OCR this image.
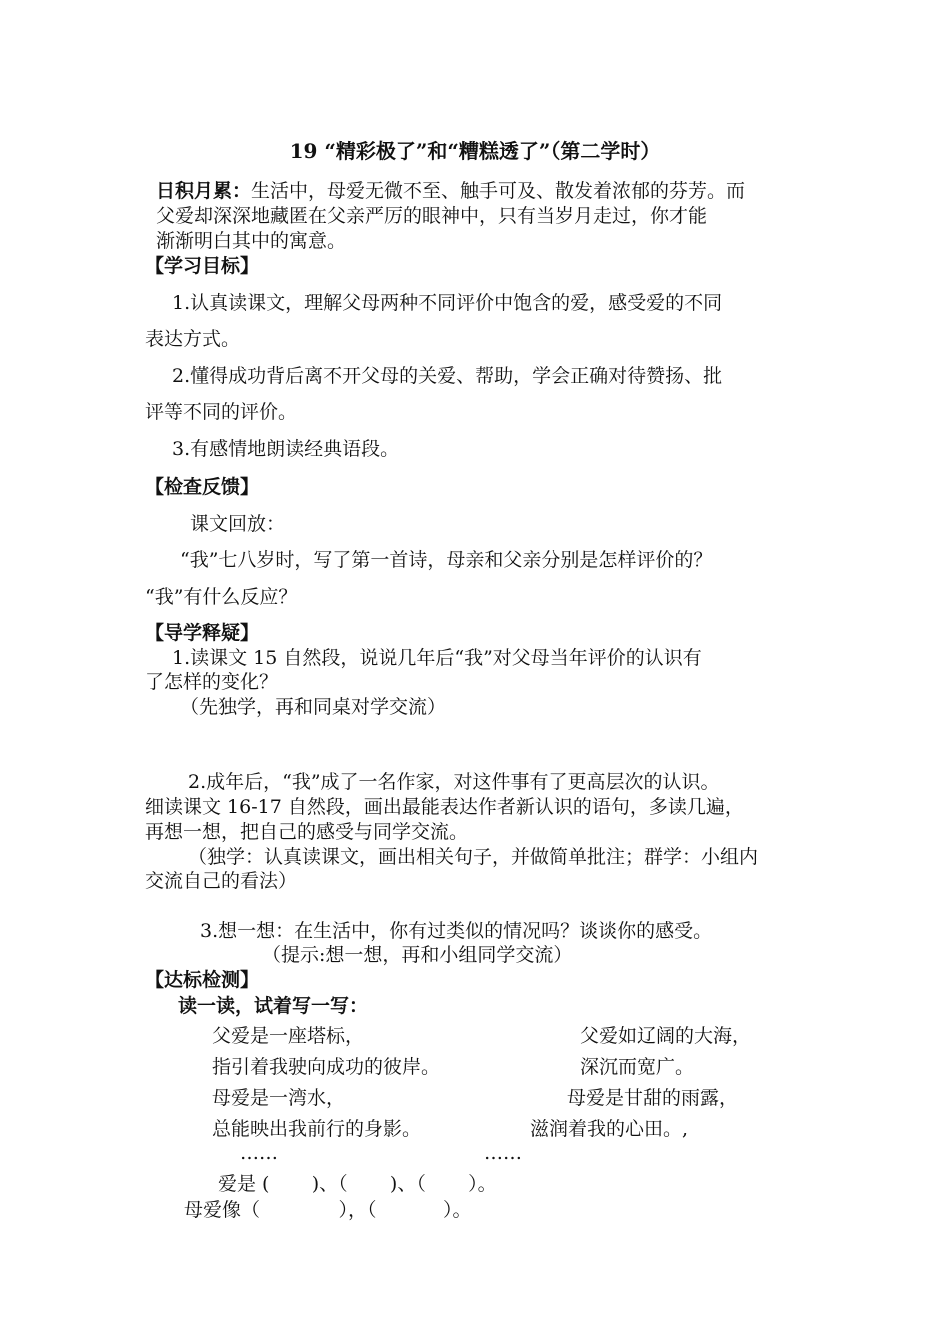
19 “精彩极了”和“糟糕透了”（第二学时）
日积月累：生活中，母爱无微不至、触手可及、散发着浓郁的芬芳。而
父爱却深深地藏匿在父亲严厉的眼神中，只有当岁月走过，你才能
渐渐明白其中的寓意。
【学习目标】
1.认真读课文，理解父母两种不同评价中饱含的爱，感受爱的不同
表达方式。
2.懂得成功背后离不开父母的关爱、帮助，学会正确对待赞扬、批
评等不同的评价。
3.有感情地朗读经典语段。
【检查反馈】
课文回放：
“我”七八岁时，写了第一首诗，母亲和父亲分别是怎样评价的？
“我”有什么反应？
【导学释疑】
1.读课文 15 自然段，说说几年后“我”对父母当年评价的认识有
了怎样的变化？
（先独学，再和同桌对学交流）
2.成年后，“我”成了一名作家，对这件事有了更高层次的认识。
细读课文 16-17 自然段，画出最能表达作者新认识的语句，多读几遍，
再想一想，把自己的感受与同学交流。
（独学：认真读课文，画出相关句子，并做简单批注；群学：小组内
交流自己的看法）
3.想一想：在生活中，你有过类似的情况吗？谈谈你的感受。
（提示:想一想，再和小组同学交流）
【达标检测】
读一读，试着写一写：
父爱是一座塔标，
指引着我驶向成功的彼岸。
母爱是一湾水，
总能映出我前行的身影。
……
父爱如辽阔的大海，
深沉而宽广。
母爱是甘甜的雨露，
滋润着我的心田。,
……
爱是 (       )、（       )、（       ）。
母爱像（             ），（           ）。
